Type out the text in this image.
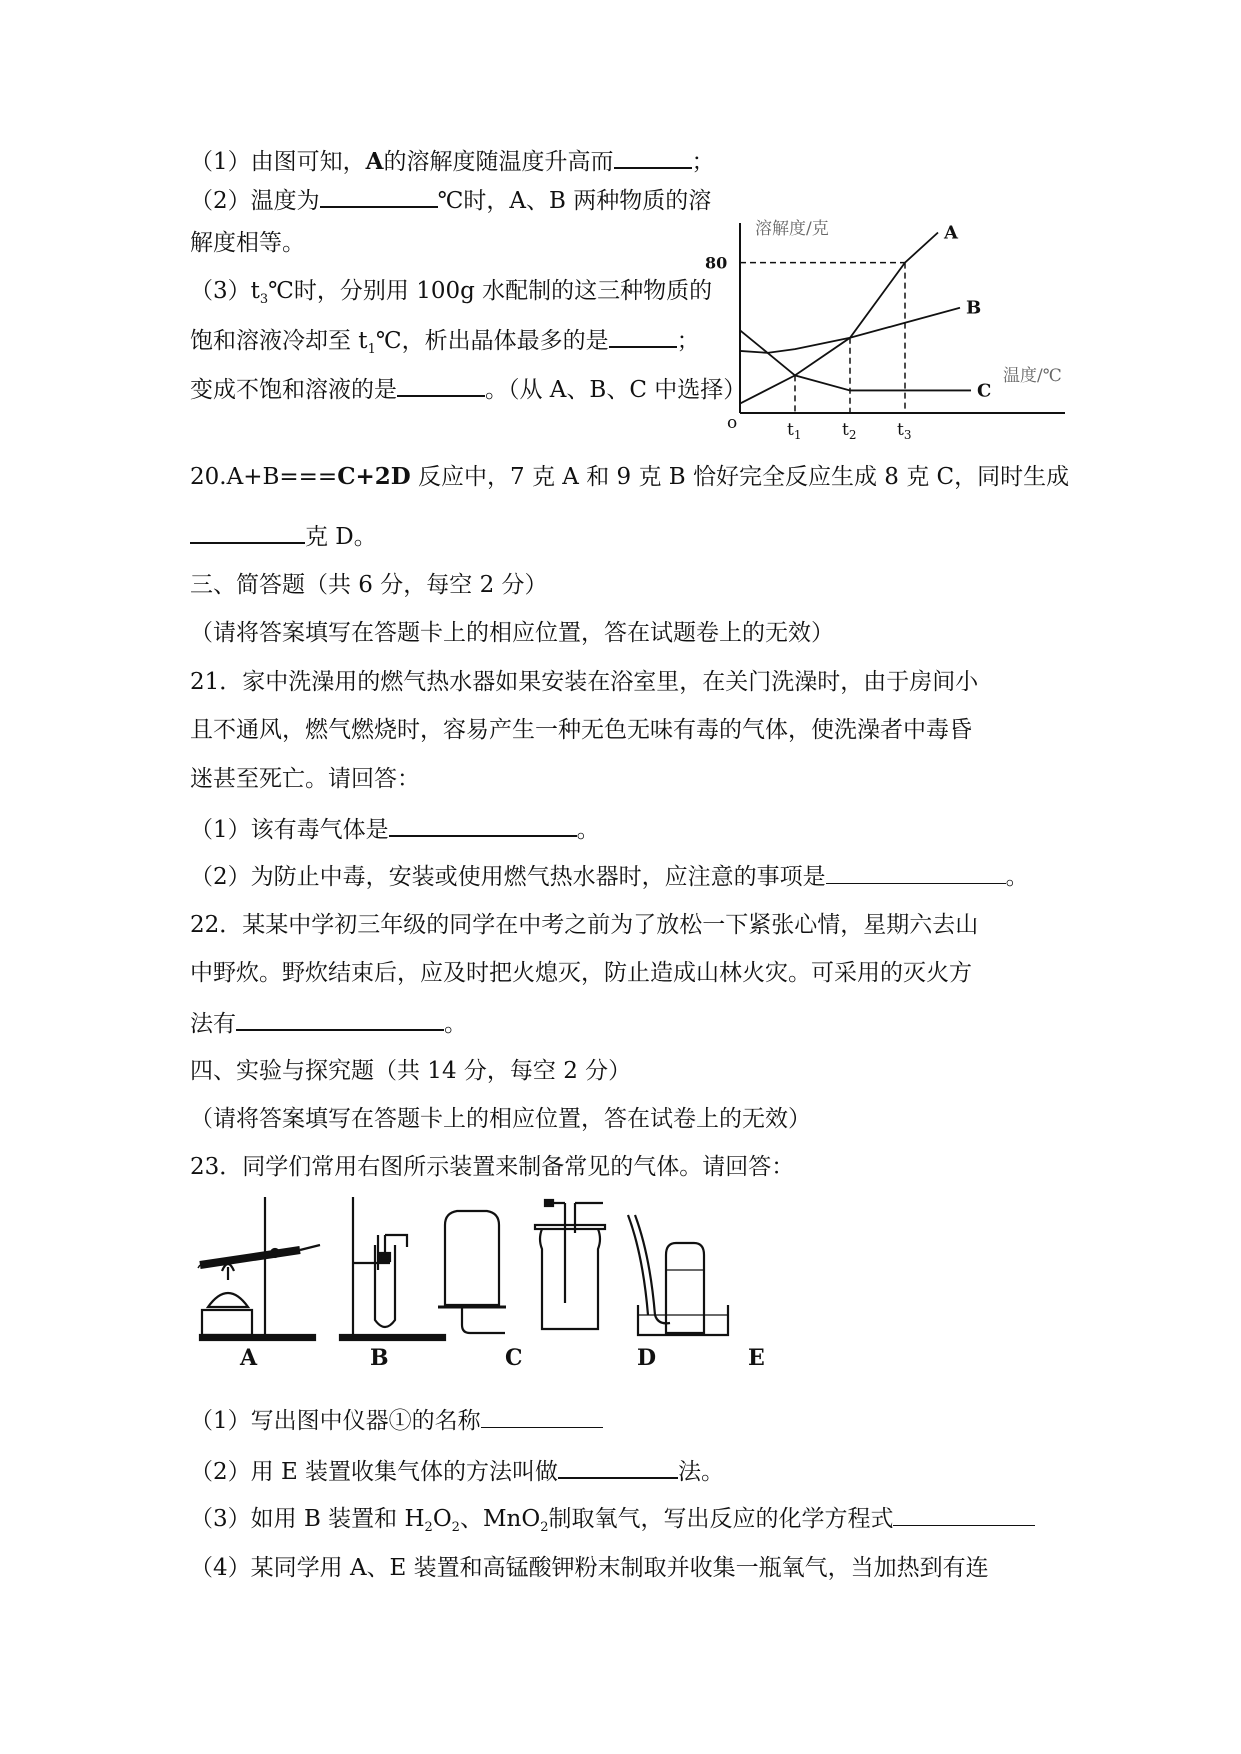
（1）由图可知，A的溶解度随温度升高而	；
（2）温度为	℃时，A、B 两种物质的溶
解度相等。
$(3)t_3℃$时，分别用 100g 水配制的这三种物质的
饱和溶液冷却至 $t_1℃$，析出晶体最多的是	；
变成不饱和溶液的是	。（从 A、B、C 中选择）
A
B
C
溶解度/克
温度/℃
80
o	$t_1$ $t_2$ $t_3$
20.A+B===C+2D 反应中，7 克 A 和 9 克 B 恰好完全反应生成 8 克 C，同时生成
克 D。
三、简答题（共 6 分，每空 2 分）
（请将答案填写在答题卡上的相应位置，答在试题卷上的无效）
21．家中洗澡用的燃气热水器如果安装在浴室里，在关门洗澡时，由于房间小
且不通风，燃气燃烧时，容易产生一种无色无味有毒的气体，使洗澡者中毒昏
迷甚至死亡。请回答：
（1）该有毒气体是	。
（2）为防止中毒，安装或使用燃气热水器时，应注意的事项是	。
22．某某中学初三年级的同学在中考之前为了放松一下紧张心情，星期六去山
中野炊。野炊结束后，应及时把火熄灭，防止造成山林火灾。可采用的灭火方
法有	。
四、实验与探究题（共 14 分，每空 2 分）
（请将答案填写在答题卡上的相应位置，答在试卷上的无效）
23．同学们常用右图所示装置来制备常见的气体。请回答：
A	B	C	D	E
（1）写出图中仪器①的名称
（2）用 E 装置收集气体的方法叫做	法。
（3）如用 B 装置和 $H_2O_2$、MnO$_2$制取氧气，写出反应的化学方程式
（4）某同学用 A、E 装置和高锰酸钾粉末制取并收集一瓶氧气，当加热到有连
